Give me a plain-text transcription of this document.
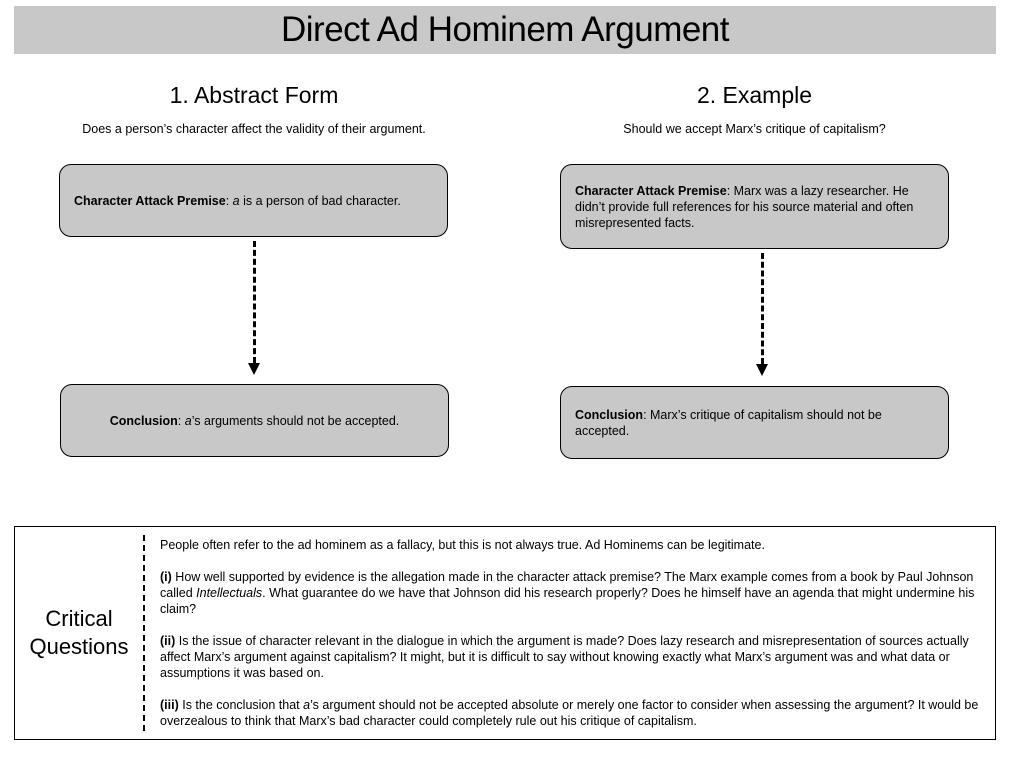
Direct Ad Hominem Argument
1. Abstract Form
Does a person’s character affect the validity of their argument.
Character Attack Premise: a is a person of bad character.
Conclusion: a’s arguments should not be accepted.
2. Example
Should we accept Marx’s critique of capitalism?
Character Attack Premise: Marx was a lazy researcher. He didn’t provide full references for his source material and often misrepresented facts.
Conclusion: Marx’s critique of capitalism should not be accepted.
Critical
Questions

People often refer to the ad hominem as a fallacy, but this is not always true. Ad Hominems can be legitimate.

(i) How well supported by evidence is the allegation made in the character attack premise? The Marx example comes from a book by Paul Johnson called Intellectuals. What guarantee do we have that Johnson did his research properly? Does he himself have an agenda that might undermine his claim?

(ii) Is the issue of character relevant in the dialogue in which the argument is made? Does lazy research and misrepresentation of sources actually affect Marx’s argument against capitalism? It might, but it is difficult to say without knowing exactly what Marx’s argument was and what data or assumptions it was based on.

(iii) Is the conclusion that a’s argument should not be accepted absolute or merely one factor to consider when assessing the argument? It would be overzealous to think that Marx’s bad character could completely rule out his critique of capitalism.
